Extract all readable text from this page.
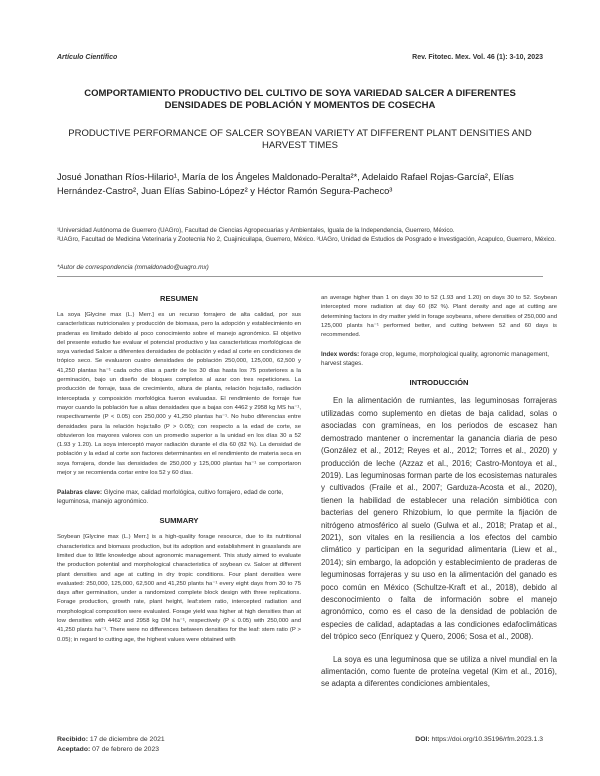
Artículo Científico	Rev. Fitotec. Mex. Vol. 46 (1): 3-10, 2023
COMPORTAMIENTO PRODUCTIVO DEL CULTIVO DE SOYA VARIEDAD SALCER A DIFERENTES DENSIDADES DE POBLACIÓN Y MOMENTOS DE COSECHA
PRODUCTIVE PERFORMANCE OF SALCER SOYBEAN VARIETY AT DIFFERENT PLANT DENSITIES AND HARVEST TIMES
Josué Jonathan Ríos-Hilario¹, María de los Ángeles Maldonado-Peralta²*, Adelaido Rafael Rojas-García², Elías Hernández-Castro², Juan Elías Sabino-López² y Héctor Ramón Segura-Pacheco³

¹Universidad Autónoma de Guerrero (UAGro), Facultad de Ciencias Agropecuarias y Ambientales, Iguala de la Independencia, Guerrero, México.

²UAGro, Facultad de Medicina Veterinaria y Zootecnia No 2, Cuajinicuilapa, Guerrero, México. ³UAGro, Unidad de Estudios de Posgrado e Investigación, Acapulco, Guerrero, México.

*Autor de correspondencia (mmaldonado@uagro.mx)
RESUMEN

La soya [Glycine max (L.) Merr.] es un recurso forrajero de alta calidad, por sus características nutricionales y producción de biomasa, pero la adopción y establecimiento en praderas es limitado debido al poco conocimiento sobre el manejo agronómico. El objetivo del presente estudio fue evaluar el potencial productivo y las características morfológicas de soya variedad Salcer a diferentes densidades de población y edad al corte en condiciones de trópico seco. Se evaluaron cuatro densidades de población 250,000, 125,000, 62,500 y 41,250 plantas ha⁻¹ cada ocho días a partir de los 30 días hasta los 75 posteriores a la germinación, bajo un diseño de bloques completos al azar con tres repeticiones. La producción de forraje, tasa de crecimiento, altura de planta, relación hoja:tallo, radiación interceptada y composición morfológica fueron evaluadas. El rendimiento de forraje fue mayor cuando la población fue a altas densidades que a bajas con 4462 y 2958 kg MS ha⁻¹, respectivamente (P < 0.05) con 250,000 y 41,250 plantas ha⁻¹. No hubo diferencias entre densidades para la relación hoja:tallo (P > 0.05); con respecto a la edad de corte, se obtuvieron los mayores valores con un promedio superior a la unidad en los días 30 a 52 (1.93 y 1.20). La soya interceptó mayor radiación durante el día 60 (82 %). La densidad de población y la edad al corte son factores determinantes en el rendimiento de materia seca en soya forrajera, donde las densidades de 250,000 y 125,000 plantas ha⁻¹ se comportaron mejor y se recomienda cortar entre los 52 y 60 días.

Palabras clave: Glycine max, calidad morfológica, cultivo forrajero, edad de corte, leguminosa, manejo agronómico.

SUMMARY

Soybean [Glycine max (L.) Merr.] is a high-quality forage resource, due to its nutritional characteristics and biomass production, but its adoption and establishment in grasslands are limited due to little knowledge about agronomic management. This study aimed to evaluate the production potential and morphological characteristics of soybean cv. Salcer at different plant densities and age at cutting in dry tropic conditions. Four plant densities were evaluated: 250,000, 125,000, 62,500 and 41,250 plants ha⁻¹ every eight days from 30 to 75 days after germination, under a randomized complete block design with three replications. Forage production, growth rate, plant height, leaf:stem ratio, intercepted radiation and morphological composition were evaluated. Forage yield was higher at high densities than at low densities with 4462 and 2958 kg DM ha⁻¹, respectively (P ≤ 0.05) with 250,000 and 41,250 plants ha⁻¹. There were no differences between densities for the leaf: stem ratio (P > 0.05); in regard to cutting age, the highest values were obtained with

an average higher than 1 on days 30 to 52 (1.93 and 1.20) on days 30 to 52. Soybean intercepted more radiation at day 60 (82 %). Plant density and age at cutting are determining factors in dry matter yield in forage soybeans, where densities of 250,000 and 125,000 plants ha⁻¹ performed better, and cutting between 52 and 60 days is recommended.

Index words: forage crop, legume, morphological quality, agronomic management, harvest stages.

INTRODUCCIÓN

En la alimentación de rumiantes, las leguminosas forrajeras utilizadas como suplemento en dietas de baja calidad, solas o asociadas con gramíneas, en los periodos de escasez han demostrado mantener o incrementar la ganancia diaria de peso (González et al., 2012; Reyes et al., 2012; Torres et al., 2020) y producción de leche (Azzaz et al., 2016; Castro-Montoya et al., 2019). Las leguminosas forman parte de los ecosistemas naturales y cultivados (Fraile et al., 2007; Garduza-Acosta et al., 2020), tienen la habilidad de establecer una relación simbiótica con bacterias del genero Rhizobium, lo que permite la fijación de nitrógeno atmosférico al suelo (Gulwa et al., 2018; Pratap et al., 2021), son vitales en la resiliencia a los efectos del cambio climático y participan en la seguridad alimentaria (Liew et al., 2014); sin embargo, la adopción y establecimiento de praderas de leguminosas forrajeras y su uso en la alimentación del ganado es poco común en México (Schultze-Kraft et al., 2018), debido al desconocimiento o falta de información sobre el manejo agronómico, como es el caso de la densidad de población de especies de calidad, adaptadas a las condiciones edafoclimáticas del trópico seco (Enríquez y Quero, 2006; Sosa et al., 2008).

La soya es una leguminosa que se utiliza a nivel mundial en la alimentación, como fuente de proteína vegetal (Kim et al., 2016), se adapta a diferentes condiciones ambientales,

Recibido: 17 de diciembre de 2021
Aceptado: 07 de febrero de 2023
DOI: https://doi.org/10.35196/rfm.2023.1.3
